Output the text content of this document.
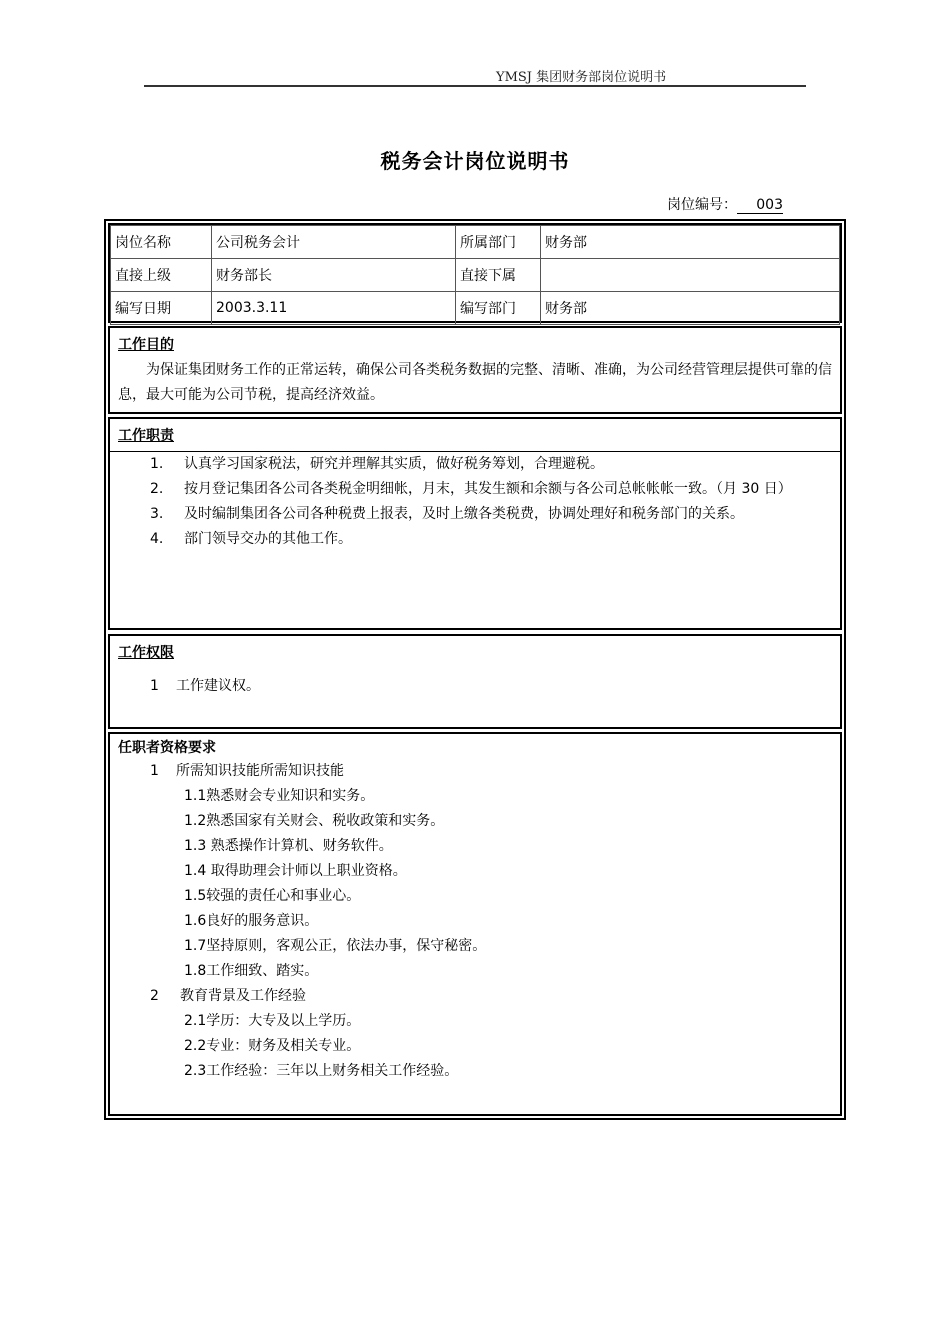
YMSJ 集团财务部岗位说明书
税务会计岗位说明书
岗位编号： 003
岗位名称	公司税务会计	所属部门	财务部
直接上级	财务部长	直接下属	
编写日期	2003.3.11	编写部门	财务部
工作目的
为保证集团财务工作的正常运转，确保公司各类税务数据的完整、清晰、准确，为公司经营管理层提供可靠的信息，最大可能为公司节税，提高经济效益。
工作职责
1.	认真学习国家税法，研究并理解其实质，做好税务筹划，合理避税。
2.	按月登记集团各公司各类税金明细帐，月末，其发生额和余额与各公司总帐帐帐一致。（月 30 日）
3.	及时编制集团各公司各种税费上报表，及时上缴各类税费，协调处理好和税务部门的关系。
4.	部门领导交办的其他工作。
工作权限
1 工作建议权。
任职者资格要求
1 所需知识技能所需知识技能
1.1熟悉财会专业知识和实务。
1.2熟悉国家有关财会、税收政策和实务。
1.3 熟悉操作计算机、财务软件。
1.4 取得助理会计师以上职业资格。
1.5较强的责任心和事业心。
1.6良好的服务意识。
1.7坚持原则，客观公正，依法办事，保守秘密。
1.8工作细致、踏实。
2 教育背景及工作经验
2.1学历：大专及以上学历。
2.2专业：财务及相关专业。
2.3工作经验：三年以上财务相关工作经验。
